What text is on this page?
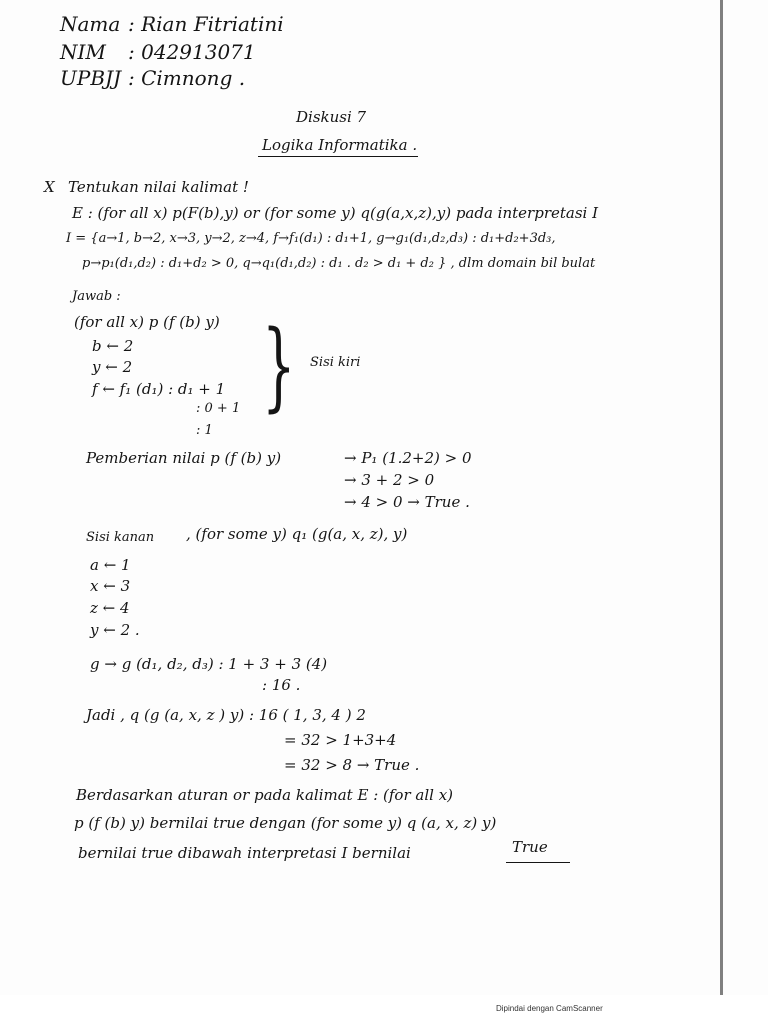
Nama : Rian Fitriatini
NIM : 042913071
UPBJJ : Cimnong .
Diskusi 7
Logika Informatika .
X Tentukan nilai kalimat !
E : (for all x) p(F(b),y) or (for some y) q(g(a,x,z),y) pada interpretasi I
I = {a→1, b→2, x→3, y→2, z→4, f→f₁(d₁) : d₁+1, g→g₁(d₁,d₂,d₃) : d₁+d₂+3d₃,
p→p₁(d₁,d₂) : d₁+d₂ > 0, q→q₁(d₁,d₂) : d₁ . d₂ > d₁ + d₂ } , dlm domain bil bulat
Jawab :
(for all x) p (f (b) y)
b ← 2
y ← 2
f ← f₁ (d₁) : d₁ + 1
: 0 + 1
: 1
} Sisi kiri
Pemberian nilai p (f (b) y)	→ P₁ (1.2+2) > 0
→ 3 + 2 > 0
→ 4 > 0 → True .
Sisi kanan , (for some y) q₁ (g(a, x, z), y)
a ← 1
x ← 3
z ← 4
y ← 2 .
g → g (d₁, d₂, d₃) : 1 + 3 + 3 (4)
: 16 .
Jadi , q (g (a, x, z ) y) : 16 ( 1, 3, 4 ) 2
= 32 > 1+3+4
= 32 > 8 → True .
Berdasarkan aturan or pada kalimat E : (for all x)
p (f (b) y) bernilai true dengan (for some y) q (a, x, z) y)
bernilai true dibawah interpretasi I bernilai	True
Dipindai dengan CamScanner
